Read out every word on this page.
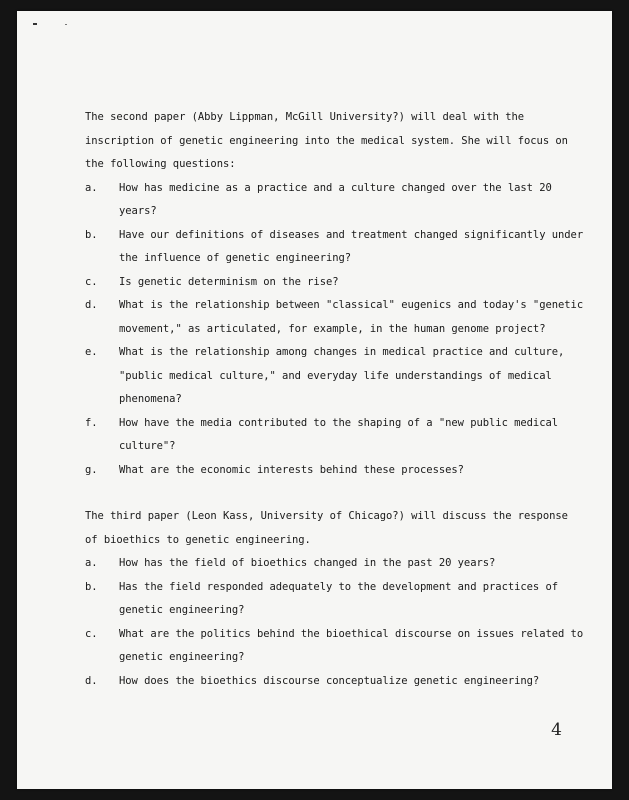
The second paper (Abby Lippman, McGill University?) will deal with the inscription of genetic engineering into the medical system. She will focus on the following questions:

a.	How has medicine as a practice and a culture changed over the last 20 years?
b.	Have our definitions of diseases and treatment changed significantly under the influence of genetic engineering?
c.	Is genetic determinism on the rise?
d.	What is the relationship between "classical" eugenics and today's "genetic movement," as articulated, for example, in the human genome project?
e.	What is the relationship among changes in medical practice and culture, "public medical culture," and everyday life understandings of medical phenomena?
f.	How have the media contributed to the shaping of a "new public medical culture"?
g.	What are the economic interests behind these processes?

The third paper (Leon Kass, University of Chicago?) will discuss the response of bioethics to genetic engineering.

a.	How has the field of bioethics changed in the past 20 years?
b.	Has the field responded adequately to the development and practices of genetic engineering?
c.	What are the politics behind the bioethical discourse on issues related to genetic engineering?
d.	How does the bioethics discourse conceptualize genetic engineering?
4
